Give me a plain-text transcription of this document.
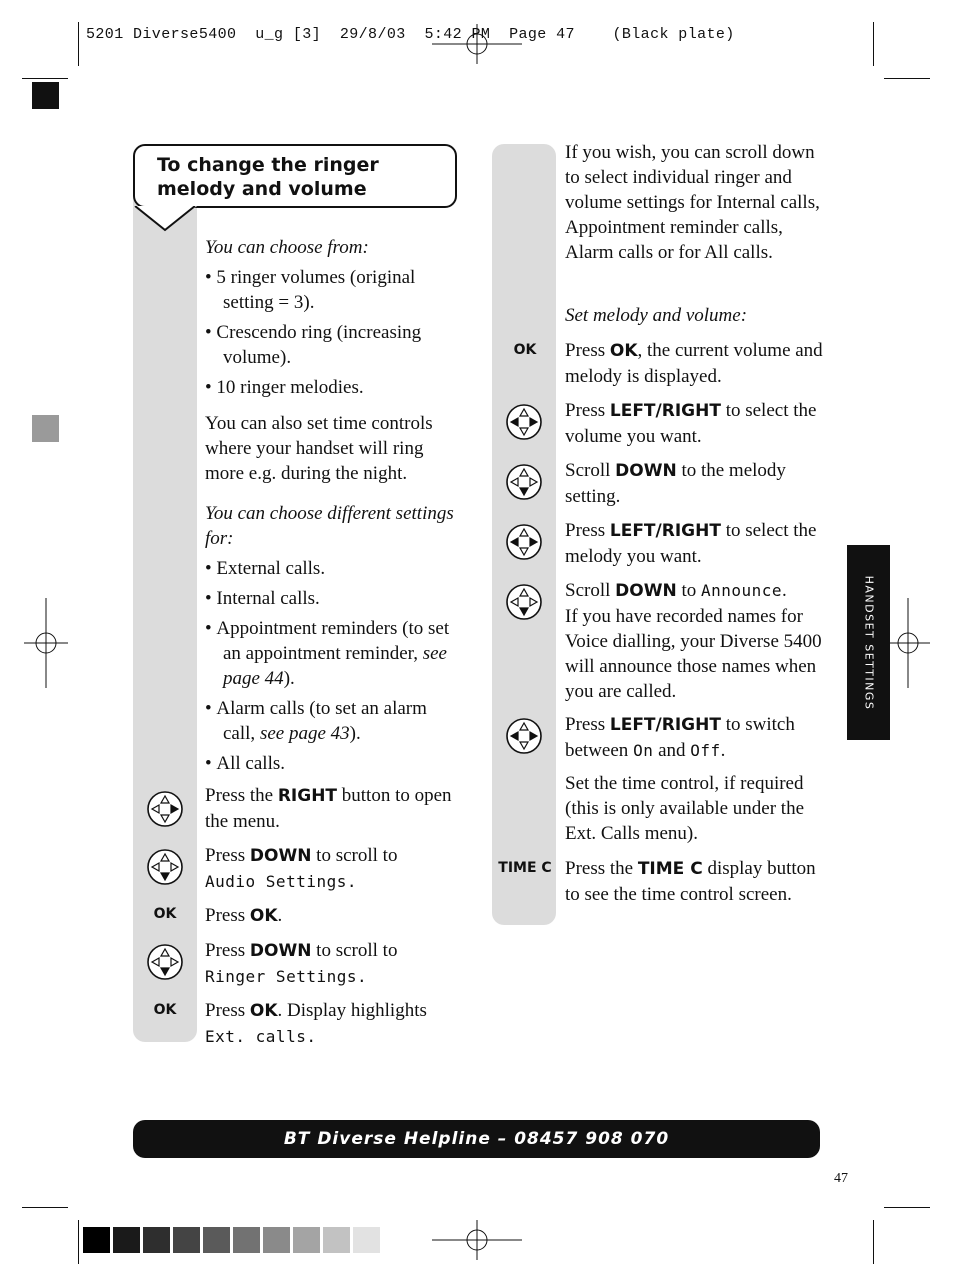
5201 Diverse5400  u_g [3]  29/8/03  5:42 PM  Page 47    (Black plate)
HANDSET SETTINGS
To change the ringer melody and volume
You can choose from:
• 5 ringer volumes (original setting = 3).
• Crescendo ring (increasing volume).
• 10 ringer melodies.
You can also set time controls where your handset will ring more e.g. during the night.
You can choose different settings for:
• External calls.
• Internal calls.
• Appointment reminders (to set an appointment reminder, see page 44).
• Alarm calls (to set an alarm call, see page 43).
• All calls.
Press the RIGHT button to open the menu.
Press DOWN to scroll to
Audio Settings.
OK	Press OK.
Press DOWN to scroll to
Ringer Settings.
OK	Press OK. Display highlights
Ext. calls.
If you wish, you can scroll down to select individual ringer and volume settings for Internal calls, Appointment reminder calls, Alarm calls or for All calls.
Set melody and volume:
OK	Press OK, the current volume and melody is displayed.
Press LEFT/RIGHT to select the volume you want.
Scroll DOWN to the melody setting.
Press LEFT/RIGHT to select the melody you want.
Scroll DOWN to Announce.
If you have recorded names for Voice dialling, your Diverse 5400 will announce those names when you are called.
Press LEFT/RIGHT to switch between On and Off.
Set the time control, if required (this is only available under the Ext. Calls menu).
TIME C Press the TIME C display button to see the time control screen.
BT Diverse Helpline – 08457 908 070
47
